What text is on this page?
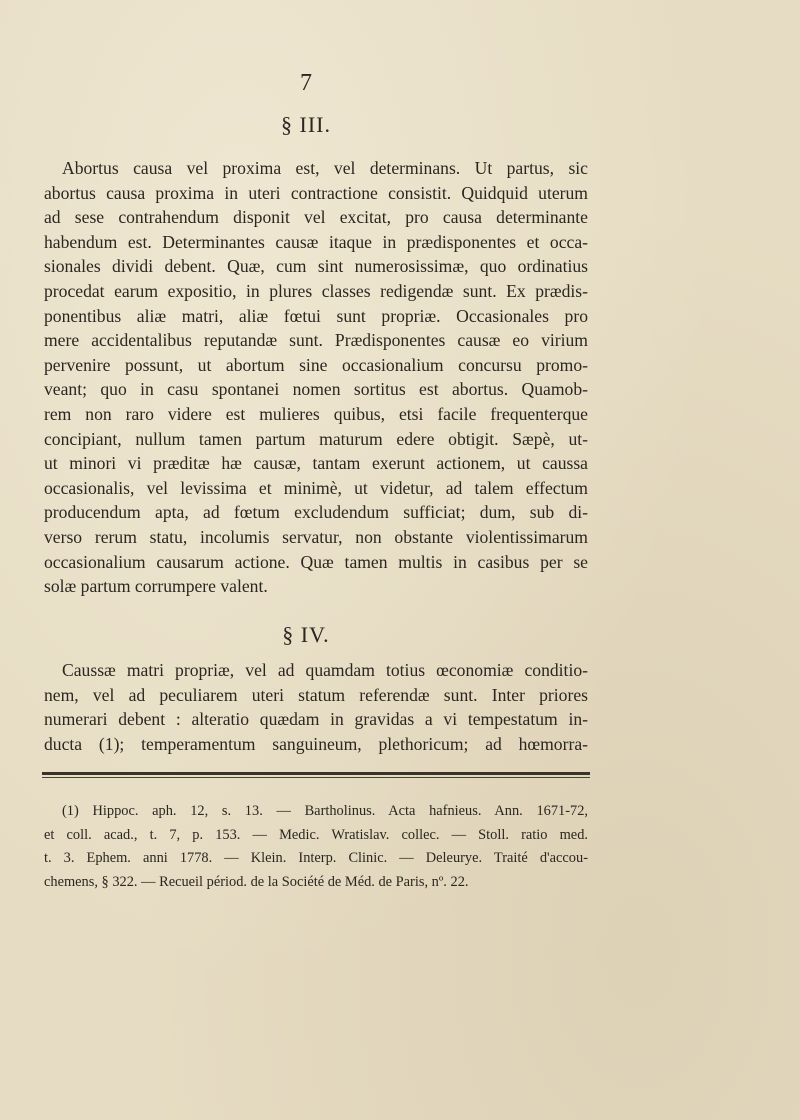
7
§ III.
Abortus causa vel proxima est, vel determinans. Ut partus, sic
abortus causa proxima in uteri contractione consistit. Quidquid uterum
ad sese contrahendum disponit vel excitat, pro causa determinante
habendum est. Determinantes causæ itaque in prædisponentes et occa-
sionales dividi debent. Quæ, cum sint numerosissimæ, quo ordinatius
procedat earum expositio, in plures classes redigendæ sunt. Ex prædis-
ponentibus aliæ matri, aliæ fœtui sunt propriæ. Occasionales pro
mere accidentalibus reputandæ sunt. Prædisponentes causæ eo virium
pervenire possunt, ut abortum sine occasionalium concursu promo-
veant; quo in casu spontanei nomen sortitus est abortus. Quamob-
rem non raro videre est mulieres quibus, etsi facile frequenterque
concipiant, nullum tamen partum maturum edere obtigit. Sæpè, ut-
ut minori vi præditæ hæ causæ, tantam exerunt actionem, ut caussa
occasionalis, vel levissima et minimè, ut videtur, ad talem effectum
producendum apta, ad fœtum excludendum sufficiat; dum, sub di-
verso rerum statu, incolumis servatur, non obstante violentissimarum
occasionalium causarum actione. Quæ tamen multis in casibus per se
solæ partum corrumpere valent.
§ IV.
Caussæ matri propriæ, vel ad quamdam totius œconomiæ conditio-
nem, vel ad peculiarem uteri statum referendæ sunt. Inter priores
numerari debent : alteratio quædam in gravidas a vi tempestatum in-
ducta (1); temperamentum sanguineum, plethoricum; ad hœmorra-
(1) Hippoc. aph. 12, s. 13. — Bartholinus. Acta hafnieus. Ann. 1671-72,
et coll. acad., t. 7, p. 153. — Medic. Wratislav. collec. — Stoll. ratio med.
t. 3. Ephem. anni 1778. — Klein. Interp. Clinic. — Deleurye. Traité d'accou-
chemens, § 322. — Recueil périod. de la Société de Méd. de Paris, nº. 22.
